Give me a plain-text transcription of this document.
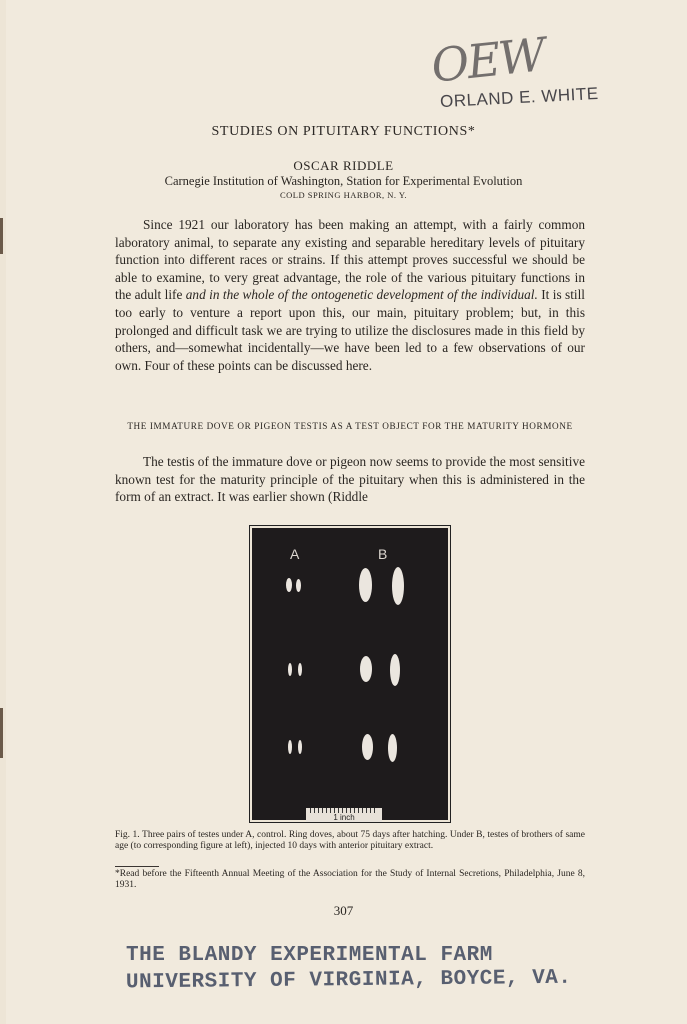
OEW
ORLAND E. WHITE
STUDIES ON PITUITARY FUNCTIONS*
OSCAR RIDDLE
Carnegie Institution of Washington, Station for Experimental Evolution
COLD SPRING HARBOR, N. Y.

Since 1921 our laboratory has been making an attempt, with a fairly common laboratory animal, to separate any existing and separable hereditary levels of pituitary function into different races or strains. If this attempt proves successful we should be able to examine, to very great advantage, the role of the various pituitary functions in the adult life and in the whole of the ontogenetic development of the individual. It is still too early to venture a report upon this, our main, pituitary problem; but, in this prolonged and difficult task we are trying to utilize the disclosures made in this field by others, and—somewhat incidentally—we have been led to a few observations of our own. Four of these points can be discussed here.

THE IMMATURE DOVE OR PIGEON TESTIS AS A TEST OBJECT FOR THE MATURITY HORMONE

The testis of the immature dove or pigeon now seems to provide the most sensitive known test for the maturity principle of the pituitary when this is administered in the form of an extract. It was earlier shown (Riddle

A	B
1 inch
Fig. 1. Three pairs of testes under A, control. Ring doves, about 75 days after hatching. Under B, testes of brothers of same age (to corresponding figure at left), injected 10 days with anterior pituitary extract.
*Read before the Fifteenth Annual Meeting of the Association for the Study of Internal Secretions, Philadelphia, June 8, 1931.
307
THE BLANDY EXPERIMENTAL FARM
UNIVERSITY OF VIRGINIA, BOYCE, VA.
